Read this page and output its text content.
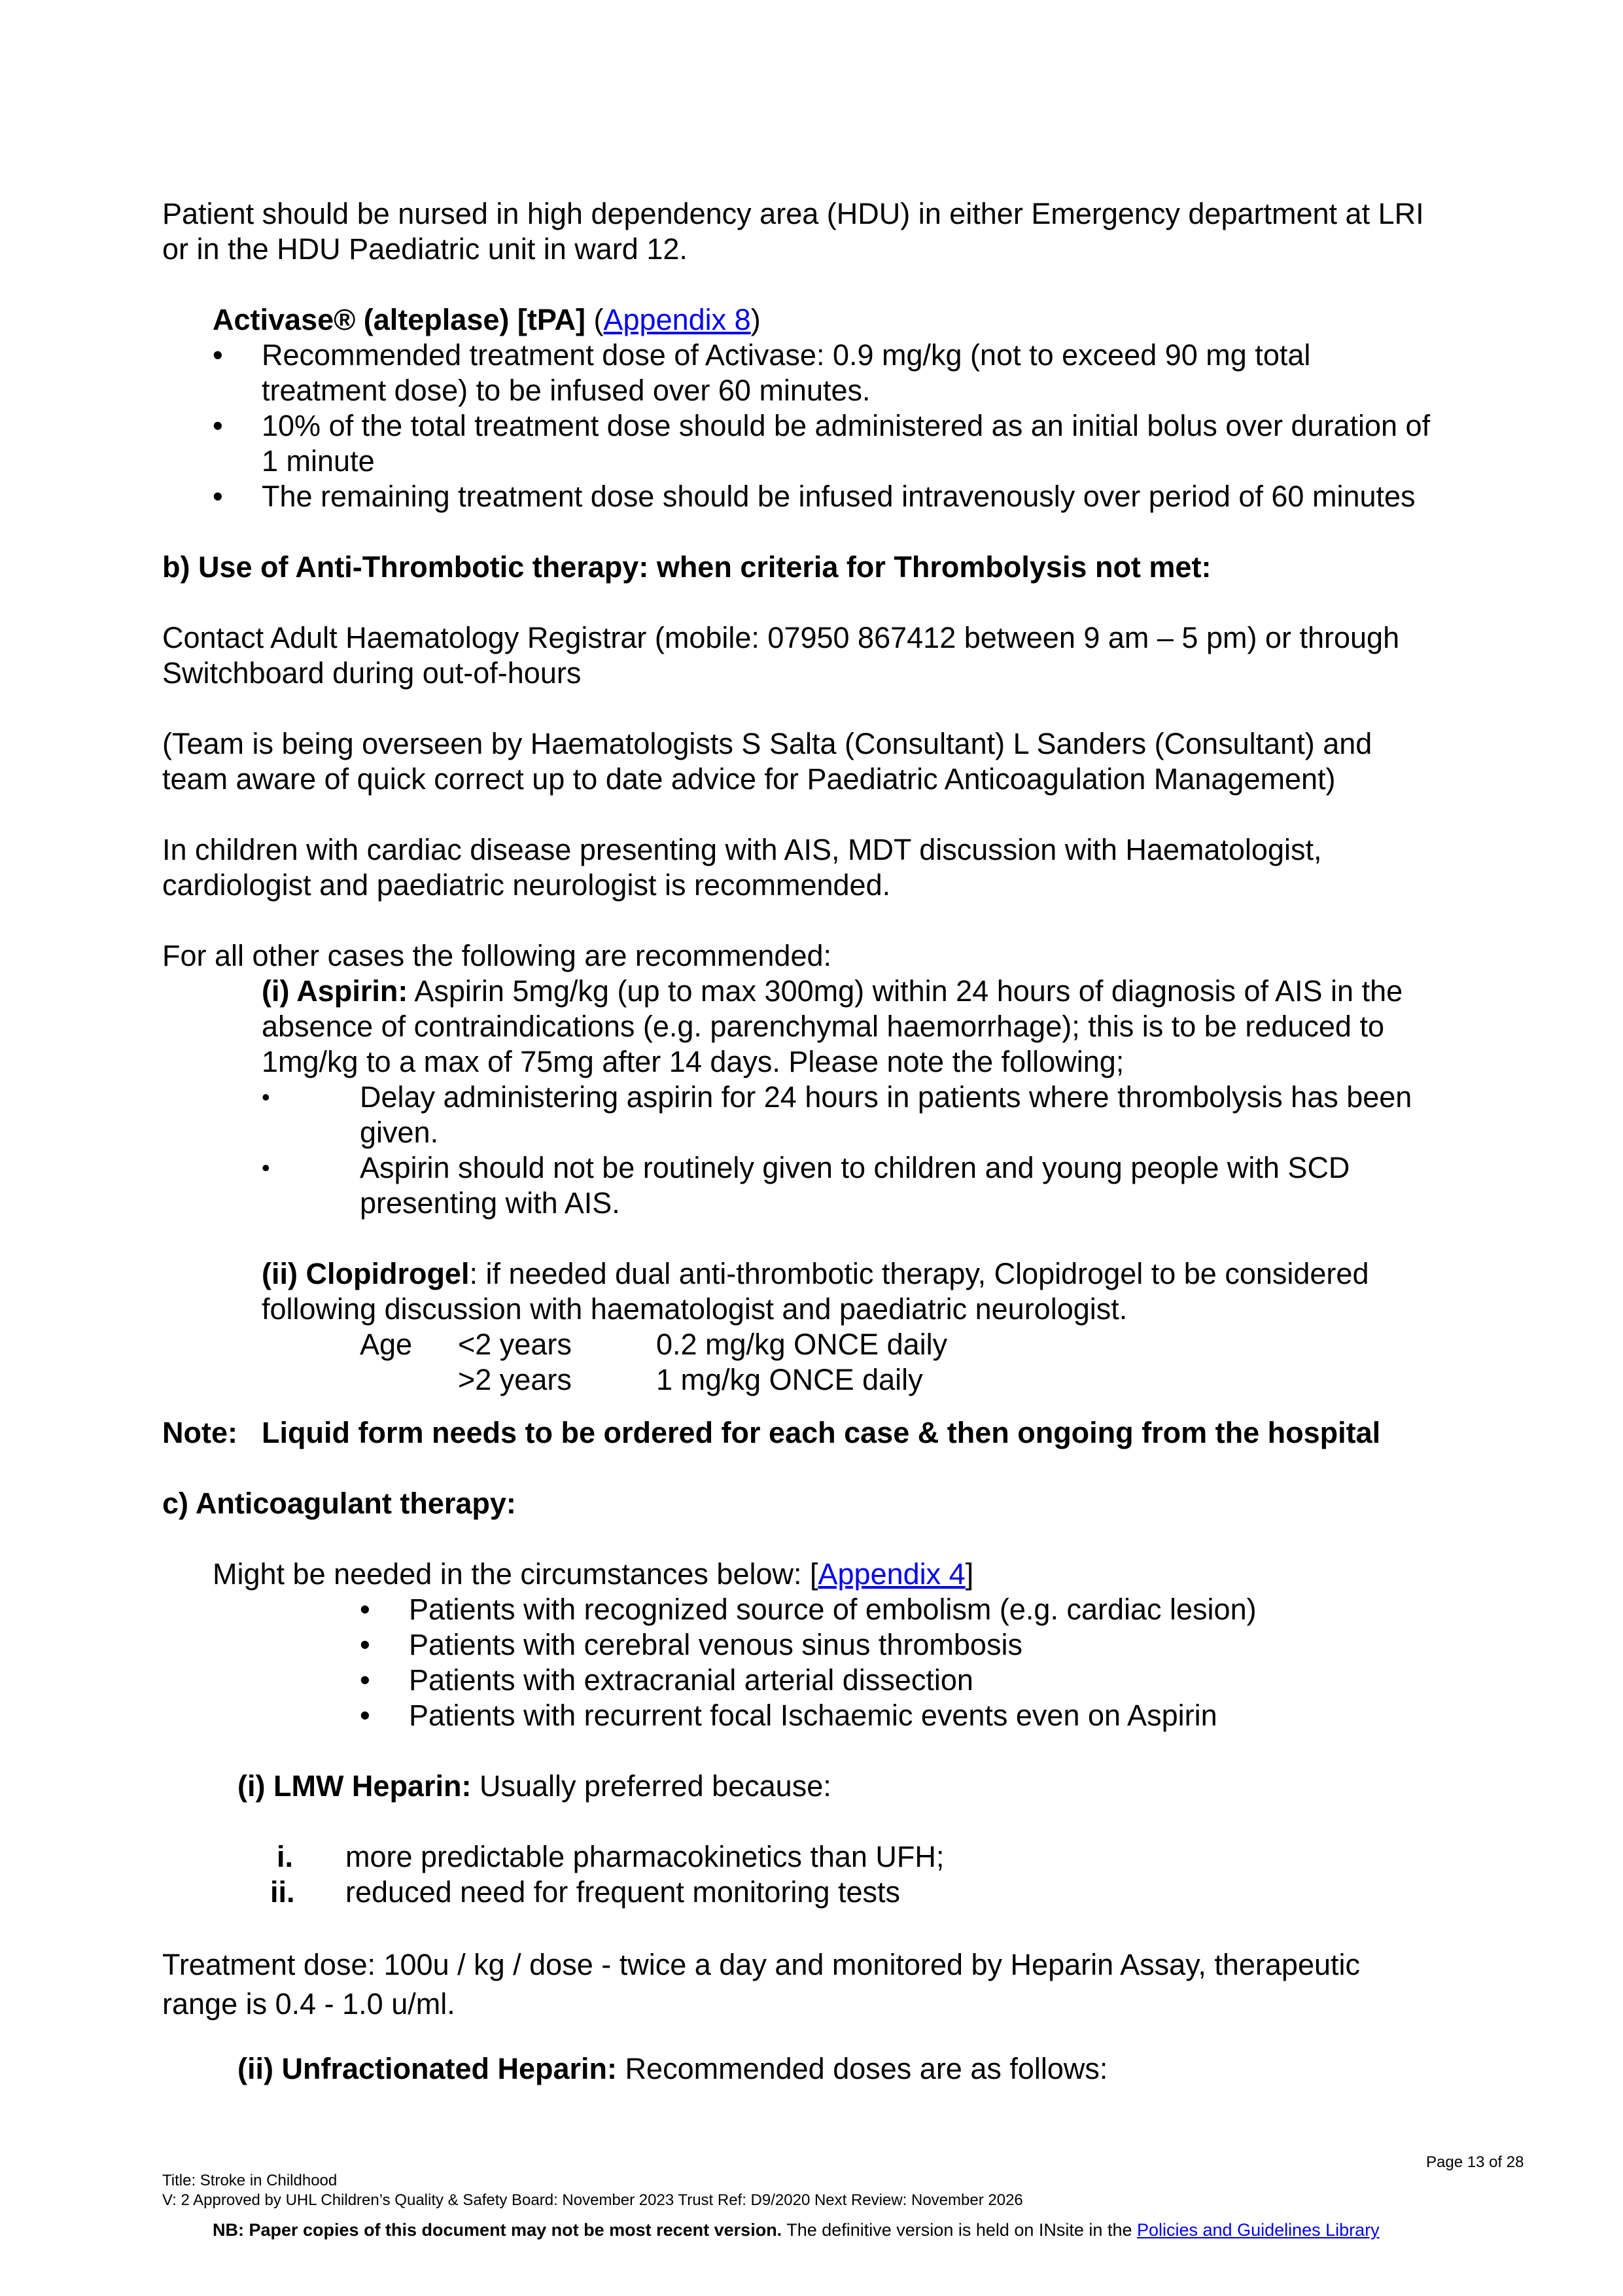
Patient should be nursed in high dependency area (HDU) in either Emergency department at LRI
or in the HDU Paediatric unit in ward 12.
Activase® (alteplase) [tPA] (Appendix 8)
• Recommended treatment dose of Activase: 0.9 mg/kg (not to exceed 90 mg total
treatment dose) to be infused over 60 minutes.
• 10% of the total treatment dose should be administered as an initial bolus over duration of
1 minute
• The remaining treatment dose should be infused intravenously over period of 60 minutes
b) Use of Anti-Thrombotic therapy: when criteria for Thrombolysis not met:
Contact Adult Haematology Registrar (mobile: 07950 867412 between 9 am – 5 pm) or through
Switchboard during out-of-hours
(Team is being overseen by Haematologists S Salta (Consultant) L Sanders (Consultant) and
team aware of quick correct up to date advice for Paediatric Anticoagulation Management)
In children with cardiac disease presenting with AIS, MDT discussion with Haematologist,
cardiologist and paediatric neurologist is recommended.
For all other cases the following are recommended:
(i) Aspirin: Aspirin 5mg/kg (up to max 300mg) within 24 hours of diagnosis of AIS in the
absence of contraindications (e.g. parenchymal haemorrhage); this is to be reduced to
1mg/kg to a max of 75mg after 14 days. Please note the following;
•	Delay administering aspirin for 24 hours in patients where thrombolysis has been
given.
•	Aspirin should not be routinely given to children and young people with SCD
presenting with AIS.
(ii) Clopidrogel: if needed dual anti-thrombotic therapy, Clopidrogel to be considered
following discussion with haematologist and paediatric neurologist.
Age <2 years	0.2 mg/kg ONCE daily
>2 years	1 mg/kg ONCE daily
Note: Liquid form needs to be ordered for each case & then ongoing from the hospital
c) Anticoagulant therapy:
Might be needed in the circumstances below: [Appendix 4]
• Patients with recognized source of embolism (e.g. cardiac lesion)
• Patients with cerebral venous sinus thrombosis
• Patients with extracranial arterial dissection
• Patients with recurrent focal Ischaemic events even on Aspirin
(i) LMW Heparin: Usually preferred because:
i. more predictable pharmacokinetics than UFH;
ii. reduced need for frequent monitoring tests
Treatment dose: 100u / kg / dose - twice a day and monitored by Heparin Assay, therapeutic
range is 0.4 - 1.0 u/ml.
(ii) Unfractionated Heparin: Recommended doses are as follows:
Page 13 of 28
Title: Stroke in Childhood
V: 2 Approved by UHL Children’s Quality & Safety Board: November 2023 Trust Ref: D9/2020 Next Review: November 2026
NB: Paper copies of this document may not be most recent version. The definitive version is held on INsite in the Policies and Guidelines Library
